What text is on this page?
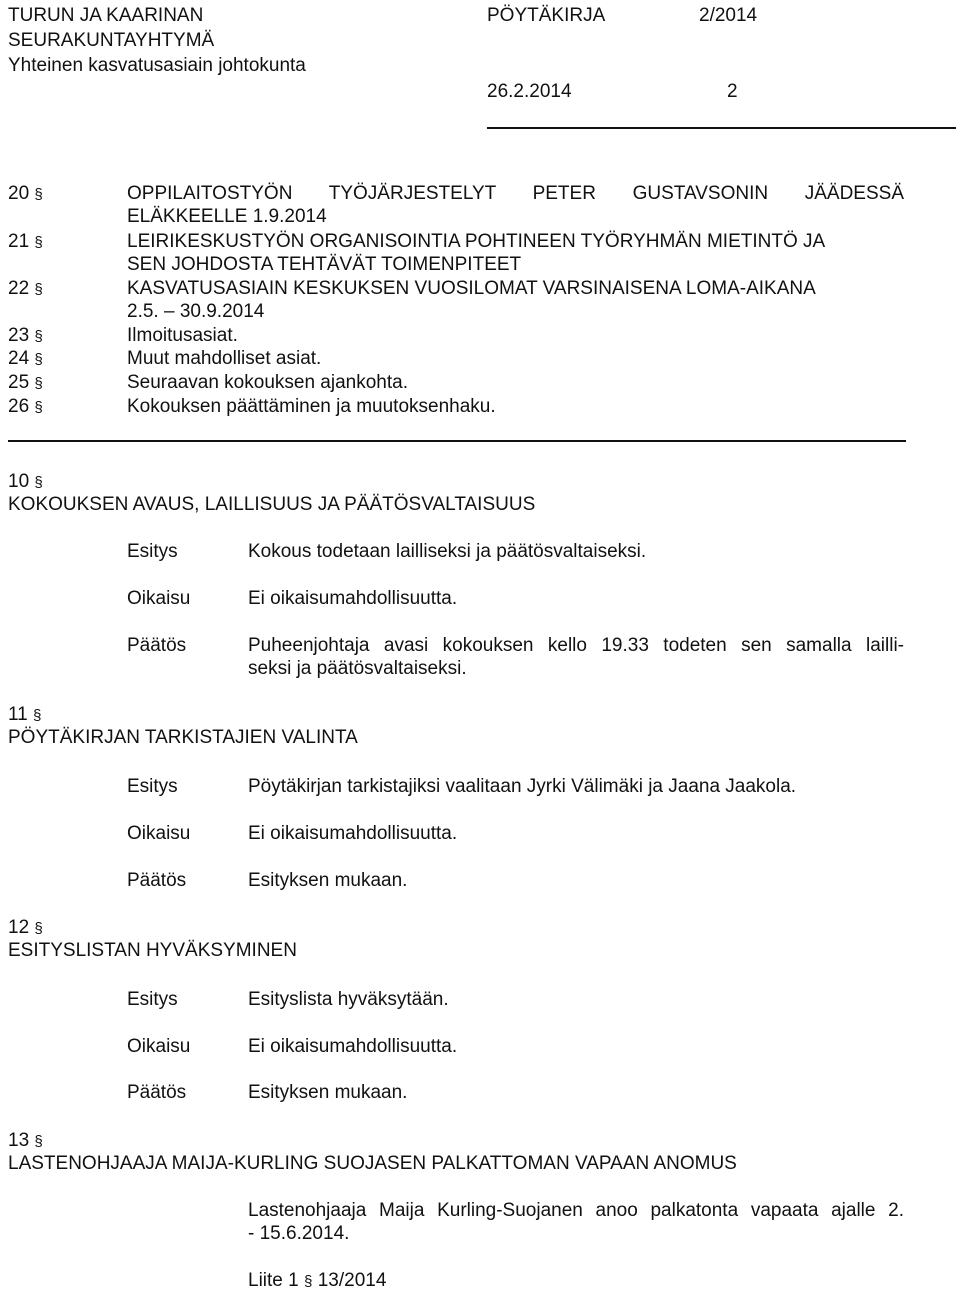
TURUN JA KAARINAN
SEURAKUNTAYHTYMÄ
Yhteinen kasvatusasiain johtokunta
PÖYTÄKIRJA	2/2014
26.2.2014	2
20 §	OPPILAITOSTYÖN TYÖJÄRJESTELYT PETER GUSTAVSONIN JÄÄDESSÄ
ELÄKKEELLE 1.9.2014
21 §	LEIRIKESKUSTYÖN ORGANISOINTIA POHTINEEN TYÖRYHMÄN MIETINTÖ JA
SEN JOHDOSTA TEHTÄVÄT TOIMENPITEET
22 §	KASVATUSASIAIN KESKUKSEN VUOSILOMAT VARSINAISENA LOMA-AIKANA
2.5. – 30.9.2014
23 §	Ilmoitusasiat.
24 §	Muut mahdolliset asiat.
25 §	Seuraavan kokouksen ajankohta.
26 §	Kokouksen päättäminen ja muutoksenhaku.
10 §
KOKOUKSEN AVAUS, LAILLISUUS JA PÄÄTÖSVALTAISUUS
Esitys	Kokous todetaan lailliseksi ja päätösvaltaiseksi.
Oikaisu	Ei oikaisumahdollisuutta.
Päätös	Puheenjohtaja avasi kokouksen kello 19.33 todeten sen samalla lailli-
seksi ja päätösvaltaiseksi.
11 §
PÖYTÄKIRJAN TARKISTAJIEN VALINTA
Esitys	Pöytäkirjan tarkistajiksi vaalitaan Jyrki Välimäki ja Jaana Jaakola.
Oikaisu	Ei oikaisumahdollisuutta.
Päätös	Esityksen mukaan.
12 §
ESITYSLISTAN HYVÄKSYMINEN
Esitys	Esityslista hyväksytään.
Oikaisu	Ei oikaisumahdollisuutta.
Päätös	Esityksen mukaan.
13 §
LASTENOHJAAJA MAIJA-KURLING SUOJASEN PALKATTOMAN VAPAAN ANOMUS
Lastenohjaaja Maija Kurling-Suojanen anoo palkatonta vapaata ajalle 2.
- 15.6.2014.
Liite 1 § 13/2014
